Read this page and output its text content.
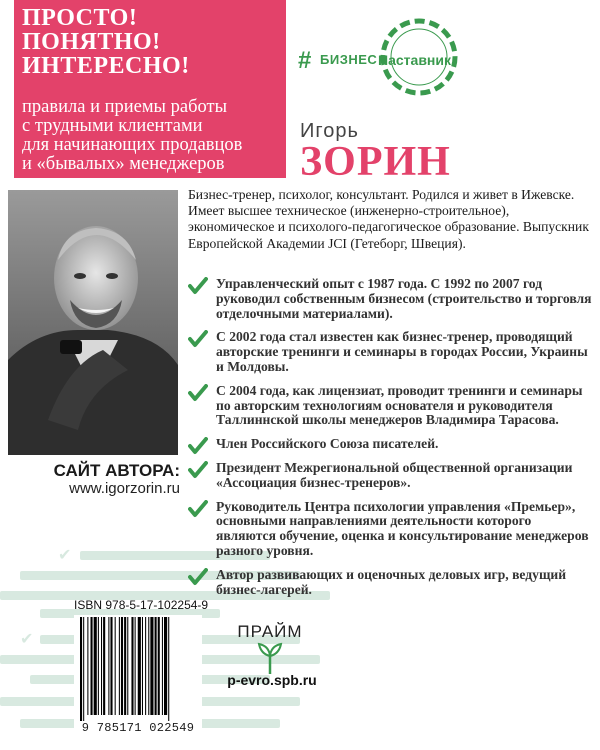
✔
✔
ПРОСТО!
ПОНЯТНО!
ИНТЕРЕСНО!
правила и приемы работы
с трудными клиентами
для начинающих продавцов
и «бывалых» менеджеров
# БИЗНЕС Наставник
Игорь
ЗОРИН
САЙТ АВТОРА:
www.igorzorin.ru

Бизнес-тренер, психолог, консультант. Родился и живет в Ижевске. Имеет высшее техническое (инженерно-строительное), экономическое и психолого-педагогическое образование. Выпускник Европейской Академии JCI (Гетеборг, Швеция).

Управленческий опыт с 1987 года. С 1992 по 2007 год руководил собственным бизнесом (строительство и торговля отделочными материалами).
С 2002 года стал известен как бизнес-тренер, проводящий авторские тренинги и семинары в городах России, Украины и Молдовы.
С 2004 года, как лицензиат, проводит тренинги и семинары по авторским технологиям основателя и руководителя Таллиннской школы менеджеров Владимира Тарасова.
Член Российского Союза писателей.
Президент Межрегиональной общественной организации «Ассоциация бизнес-тренеров».
Руководитель Центра психологии управления «Премьер», основными направлениями деятельности которого являются обучение, оценка и консультирование менеджеров разного уровня.
Автор развивающих и оценочных деловых игр, ведущий бизнес-лагерей.
ISBN 978-5-17-102254-9
9 785171 022549
ПРАЙМ
p-evro.spb.ru
